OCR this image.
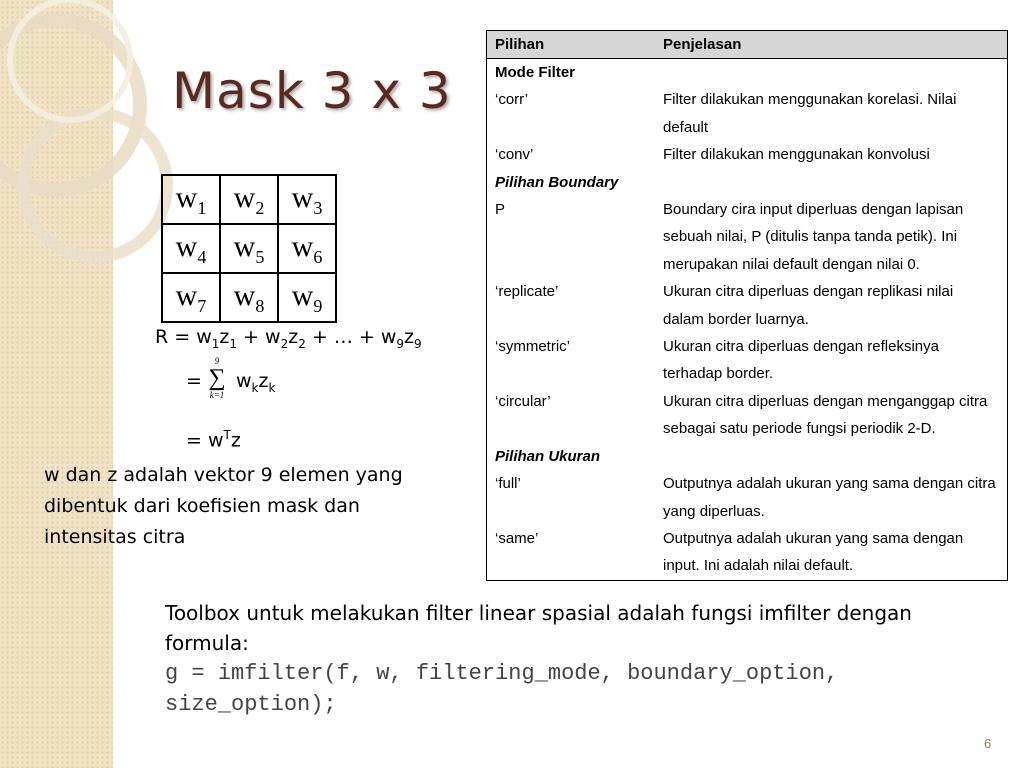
Mask 3 x 3
$w_1$	$w_2$	$w_3$
$w_4$	$w_5$	$w_6$
$w_7$	$w_8$	$w_9$
$R = w_1z_1 + w_2z_2$ + … + $w_9z_9$
=
9
∑
k=1
$w_kz_k$
= $w^Tz$
w dan z adalah vektor 9 elemen yang dibentuk dari koefisien mask dan intensitas citra
Pilihan	Penjelasan
Mode Filter
‘corr’	Filter dilakukan menggunakan korelasi. Nilai default
‘conv’	Filter dilakukan menggunakan konvolusi
Pilihan Boundary
P	Boundary cira input diperluas dengan lapisan sebuah nilai, P (ditulis tanpa tanda petik). Ini merupakan nilai default dengan nilai 0.
‘replicate’	Ukuran citra diperluas dengan replikasi nilai dalam border luarnya.
‘symmetric’	Ukuran citra diperluas dengan refleksinya terhadap border.
‘circular’	Ukuran citra diperluas dengan menganggap citra sebagai satu periode fungsi periodik 2-D.
Pilihan Ukuran
‘full’	Outputnya adalah ukuran yang sama dengan citra yang diperluas.
‘same’	Outputnya adalah ukuran yang sama dengan input. Ini adalah nilai default.
Toolbox untuk melakukan filter linear spasial adalah fungsi imfilter dengan formula:
g = imfilter(f, w, filtering_mode, boundary_option, size_option);
6
